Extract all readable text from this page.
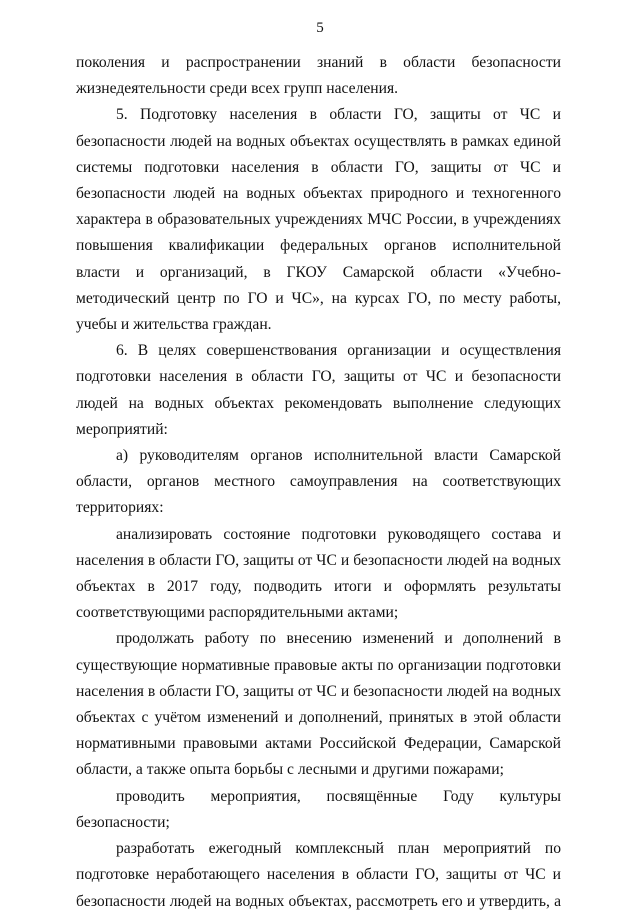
5

поколения и распространении знаний в области безопасности жизнедеятельности среди всех групп населения.

5. Подготовку населения в области ГО, защиты от ЧС и безопасности людей на водных объектах осуществлять в рамках единой системы подготовки населения в области ГО, защиты от ЧС и безопасности людей на водных объектах природного и техногенного характера в образовательных учреждениях МЧС России, в учреждениях повышения квалификации федеральных органов исполнительной власти и организаций, в ГКОУ Самарской области «Учебно-методический центр по ГО и ЧС», на курсах ГО, по месту работы, учебы и жительства граждан.

6. В целях совершенствования организации и осуществления подготовки населения в области ГО, защиты от ЧС и безопасности людей на водных объектах рекомендовать выполнение следующих мероприятий:

а) руководителям органов исполнительной власти Самарской области, органов местного самоуправления на соответствующих территориях:

анализировать состояние подготовки руководящего состава и населения в области ГО, защиты от ЧС и безопасности людей на водных объектах в 2017 году, подводить итоги и оформлять результаты соответствующими распорядительными актами;

продолжать работу по внесению изменений и дополнений в существующие нормативные правовые акты по организации подготовки населения в области ГО, защиты от ЧС и безопасности людей на водных объектах с учётом изменений и дополнений, принятых в этой области нормативными правовыми актами Российской Федерации, Самарской области, а также опыта борьбы с лесными и другими пожарами;

проводить мероприятия, посвящённые Году культуры безопасности;

разработать ежегодный комплексный план мероприятий по подготовке неработающего населения в области ГО, защиты от ЧС и безопасности людей на водных объектах, рассмотреть его и утвердить, а
